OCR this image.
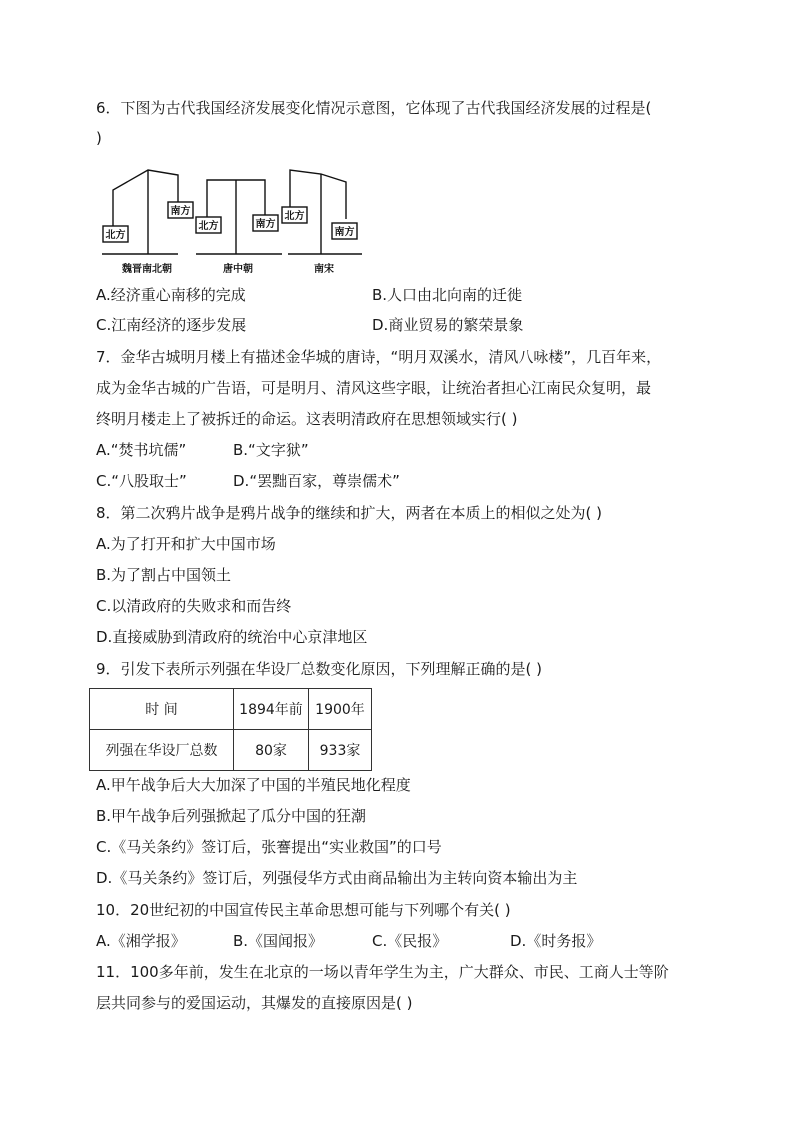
6．下图为古代我国经济发展变化情况示意图，它体现了古代我国经济发展的过程是(
)
北方
南方
北方	南方
北方
南方
魏晋南北朝	唐中朝	南宋
A.经济重心南移的完成	B.人口由北向南的迁徙
C.江南经济的逐步发展	D.商业贸易的繁荣景象
7．金华古城明月楼上有描述金华城的唐诗，“明月双溪水，清风八咏楼”，几百年来，
成为金华古城的广告语，可是明月、清风这些字眼，让统治者担心江南民众复明，最
终明月楼走上了被拆迁的命运。这表明清政府在思想领域实行( )
A.“焚书坑儒”	B.“文字狱”
C.“八股取士”	D.“罢黜百家，尊崇儒术”
8．第二次鸦片战争是鸦片战争的继续和扩大，两者在本质上的相似之处为( )
A.为了打开和扩大中国市场
B.为了割占中国领土
C.以清政府的失败求和而告终
D.直接威胁到清政府的统治中心京津地区
9．引发下表所示列强在华设厂总数变化原因，下列理解正确的是( )
时 间	1894年前	1900年
列强在华设厂总数	80家	933家
A.甲午战争后大大加深了中国的半殖民地化程度
B.甲午战争后列强掀起了瓜分中国的狂潮
C.《马关条约》签订后，张謇提出“实业救国”的口号
D.《马关条约》签订后，列强侵华方式由商品输出为主转向资本输出为主
10．20世纪初的中国宣传民主革命思想可能与下列哪个有关( )
A.《湘学报》	B.《国闻报》	C.《民报》	D.《时务报》
11．100多年前，发生在北京的一场以青年学生为主，广大群众、市民、工商人士等阶
层共同参与的爱国运动，其爆发的直接原因是( )
